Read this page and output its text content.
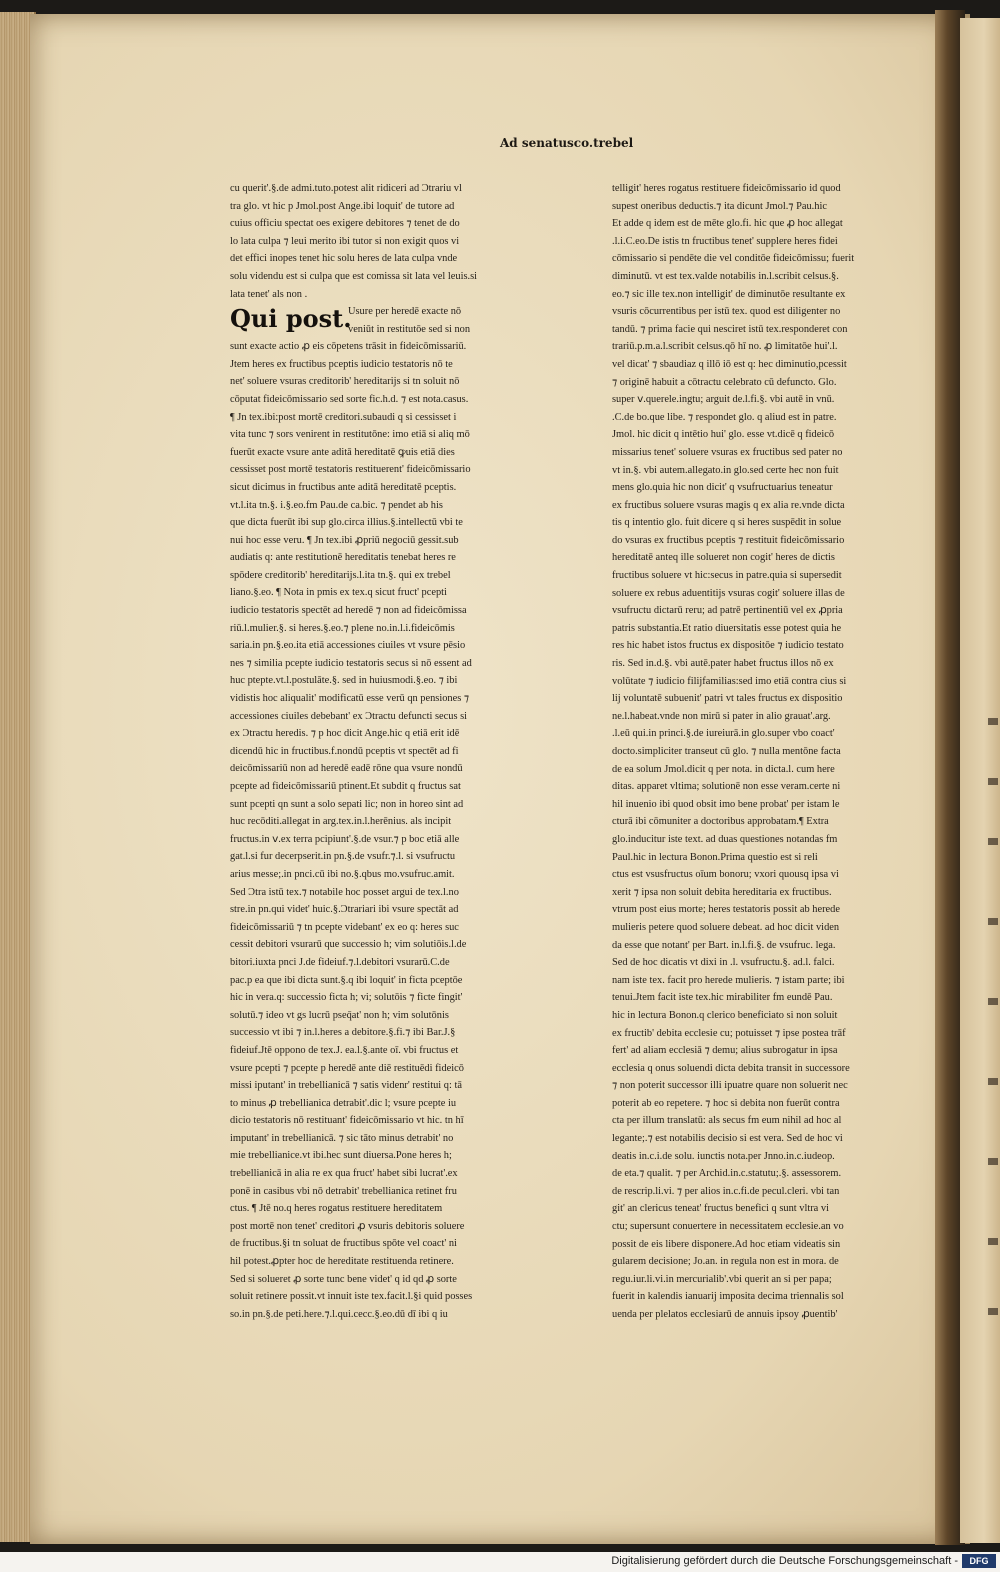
Ad senatusco.trebel
cu querit'.§.de admi.tuto.potest alit ridiceri ad Ɔtrariu vl
tra glo. vt hic p Jmol.post Ange.ibi loquit' de tutore ad
cuius officiu spectat oes exigere debitores ⁊ tenet de do
lo lata culpa ⁊ leui merito ibi tutor si non exigit quos vi
det effici inopes tenet hic solu heres de lata culpa vnde
solu videndu est si culpa que est comissa sit lata vel leuis.si
lata tenet' als non .
Qui post.
Usure per heredē exacte nō
veniūt in restitutōe sed si non
sunt exacte actio ꝓ eis cōpetens trāsit in fideicōmissariū.
Jtem heres ex fructibus pceptis iudicio testatoris nō te
net' soluere vsuras creditorib' hereditarijs si tn soluit nō
cōputat fideicōmissario sed sorte fic.h.d. ⁊ est nota.casus.
¶ Jn tex.ibi:post mortē creditori.subaudi q si cessisset i
vita tunc ⁊ sors venirent in restitutōne: imo etiā si aliq mō
fuerūt exacte vsure ante aditā hereditatē ꝙuis etiā dies
cessisset post mortē testatoris restituerent' fideicōmissario
sicut dicimus in fructibus ante aditā hereditatē pceptis.
vt.l.ita tn.§. i.§.eo.fm Pau.de ca.bic. ⁊ pendet ab his
que dicta fuerūt ibi sup glo.circa illius.§.intellectū vbi te
nui hoc esse veru. ¶ Jn tex.ibi ꝓpriū negociū gessit.sub
audiatis q: ante restitutionē hereditatis tenebat heres re
spōdere creditorib' hereditarijs.l.ita tn.§. qui ex trebel
liano.§.eo. ¶ Nota in pmis ex tex.q sicut fruct' pcepti
iudicio testatoris spectēt ad heredē ⁊ non ad fideicōmissa
riū.l.mulier.§. si heres.§.eo.⁊ plene no.in.l.i.fideicōmis
saria.in pn.§.eo.ita etiā accessiones ciuiles vt vsure pēsio
nes ⁊ similia pcepte iudicio testatoris secus si nō essent ad
huc ptepte.vt.l.postulāte.§. sed in huiusmodi.§.eo. ⁊ ibi
vidistis hoc aliqualit' modificatū esse verū qn pensiones ⁊
accessiones ciuiles debebant' ex Ɔtractu defuncti secus si
ex Ɔtractu heredis. ⁊ p hoc dicit Ange.hic q etiā erit idē
dicendū hic in fructibus.f.nondū pceptis vt spectēt ad fi
deicōmissariū non ad heredē eadē rōne qua vsure nondū
pcepte ad fideicōmissariū ptinent.Et subdit q fructus sat
sunt pcepti qn sunt a solo sepati lic; non in horeo sint ad
huc recōditi.allegat in arg.tex.in.l.herēnius. als incipit
fructus.in ⅴ.ex terra pcipiunt'.§.de vsur.⁊ p boc etiā alle
gat.l.si fur decerpserit.in pn.§.de vsufr.⁊.l. si vsufructu
arius messe;.in pnci.cū ibi no.§.qbus mo.vsufruc.amit.
Sed Ɔtra istū tex.⁊ notabile hoc posset argui de tex.l.no
stre.in pn.qui videt' huic.§.Ɔtrariari ibi vsure spectāt ad
fideicōmissariū ⁊ tn pcepte videbant' ex eo q: heres suc
cessit debitori vsurarū que successio h; vim solutiōis.l.de
bitori.iuxta pnci J.de fideiuf.⁊.l.debitori vsurarū.C.de
pac.p ea que ibi dicta sunt.§.q ibi loquit' in ficta pceptōe
hic in vera.q: successio ficta h; vi; solutōis ⁊ ficte fingit'
solutū.⁊ ideo vt gs lucrū pseq̄at' non h; vim solutōnis
successio vt ibi ⁊ in.l.heres a debitore.§.fi.⁊ ibi Bar.J.§
fideiuf.Jtē oppono de tex.J. ea.l.§.ante oī. vbi fructus et
vsure pcepti ⁊ pcepte p heredē ante diē restituēdi fideicō
missi iputant' in trebellianicā ⁊ satis videnr' restitui q: tā
to minus ꝓ trebellianica detrabit'.dic l; vsure pcepte iu
dicio testatoris nō restituant' fideicōmissario vt hic. tn hī
imputant' in trebellianicā. ⁊ sic tāto minus detrabit' no
mie trebellianice.vt ibi.hec sunt diuersa.Pone heres h;
trebellianicā in alia re ex qua fruct' habet sibi lucrat'.ex
ponē in casibus vbi nō detrabit' trebellianica retinet fru
ctus. ¶ Jtē no.q heres rogatus restituere hereditatem
post mortē non tenet' creditori ꝓ vsuris debitoris soluere
de fructibus.§i tn soluat de fructibus spōte vel coact' ni
hil potest.ꝓpter hoc de hereditate restituenda retinere.
Sed si solueret ꝓ sorte tunc bene videt' q id qd ꝓ sorte
soluit retinere possit.vt innuit iste tex.facit.l.§i quid posses
so.in pn.§.de peti.here.⁊.l.qui.cecc.§.eo.dū dī ibi q iu
telligit' heres rogatus restituere fideicōmissario id quod
supest oneribus deductis.⁊ ita dicunt Jmol.⁊ Pau.hic
Et adde q idem est de mēte glo.fi. hic que ꝓ hoc allegat
.l.i.C.eo.De istis tn fructibus tenet' supplere heres fidei
cōmissario si pendēte die vel conditōe fideicōmissu; fuerit
diminutū. vt est tex.valde notabilis in.l.scribit celsus.§.
eo.⁊ sic ille tex.non intelligit' de diminutōe resultante ex
vsuris cōcurrentibus per istū tex. quod est diligenter no
tandū. ⁊ prima facie qui nesciret istū tex.responderet con
trariū.p.m.a.l.scribit celsus.qō hī no. ꝓ limitatōe hui'.l.
vel dicat' ⁊ sbaudiaz q illō iō est q: hec diminutio,pcessit
⁊ originē habuit a cōtractu celebrato cū defuncto. Glo.
super ⅴ.querele.ingtu; arguit de.l.fi.§. vbi autē in vnū.
.C.de bo.que libe. ⁊ respondet glo. q aliud est in patre.
Jmol. hic dicit q intētio hui' glo. esse vt.dicē q fideicō
missarius tenet' soluere vsuras ex fructibus sed pater no
vt in.§. vbi autem.allegato.in glo.sed certe hec non fuit
mens glo.quia hic non dicit' q vsufructuarius teneatur
ex fructibus soluere vsuras magis q ex alia re.vnde dicta
tis q intentio glo. fuit dicere q si heres suspēdit in solue
do vsuras ex fructibus pceptis ⁊ restituit fideicōmissario
hereditatē anteq ille solueret non cogit' heres de dictis
fructibus soluere vt hic:secus in patre.quia si supersedit
soluere ex rebus aduentitijs vsuras cogit' soluere illas de
vsufructu dictarū reru; ad patrē pertinentiū vel ex ꝓpria
patris substantia.Et ratio diuersitatis esse potest quia he
res hic habet istos fructus ex dispositōe ⁊ iudicio testato
ris. Sed in.d.§. vbi autē.pater habet fructus illos nō ex
volūtate ⁊ iudicio filijfamilias:sed imo etiā contra cius si
lij voluntatē subuenit' patri vt tales fructus ex dispositio
ne.l.habeat.vnde non mirū si pater in alio grauat'.arg.
.l.eū qui.in princi.§.de iureiurā.in glo.super vbo coact'
docto.simpliciter transeut cū glo. ⁊ nulla mentōne facta
de ea solum Jmol.dicit q per nota. in dicta.l. cum here
ditas. apparet vltima; solutionē non esse veram.certe ni
hil inuenio ibi quod obsit imo bene probat' per istam le
cturā ibi cōmuniter a doctoribus approbatam.¶ Extra
glo.inducitur iste text. ad duas questiones notandas fm
Paul.hic in lectura Bonon.Prima questio est si reli
ctus est vsusfructus oīum bonoru; vxori quousq ipsa vi
xerit ⁊ ipsa non soluit debita hereditaria ex fructibus.
vtrum post eius morte; heres testatoris possit ab herede
mulieris petere quod soluere debeat. ad hoc dicit viden
da esse que notant' per Bart. in.l.fi.§. de vsufruc. lega.
Sed de hoc dicatis vt dixi in .l. vsufructu.§. ad.l. falci.
nam iste tex. facit pro herede mulieris. ⁊ istam parte; ibi
tenui.Jtem facit iste tex.hic mirabiliter fm eundē Pau.
hic in lectura Bonon.q clerico beneficiato si non soluit
ex fructib' debita ecclesie cu; potuisset ⁊ ipse postea trāf
fert' ad aliam ecclesiā ⁊ demu; alius subrogatur in ipsa
ecclesia q onus soluendi dicta debita transit in successore
⁊ non poterit successor illi ipuatre quare non soluerit nec
poterit ab eo repetere. ⁊ hoc si debita non fuerūt contra
cta per illum translatū: als secus fm eum nihil ad hoc al
legante;.⁊ est notabilis decisio si est vera. Sed de hoc vi
deatis in.c.i.de solu. iunctis nota.per Jnno.in.c.iudeop.
de eta.⁊ qualit. ⁊ per Archid.in.c.statutu;.§. assessorem.
de rescrip.li.vi. ⁊ per alios in.c.fi.de pecul.cleri. vbi tan
git' an clericus teneat' fructus benefici q sunt vltra vi
ctu; supersunt conuertere in necessitatem ecclesie.an vo
possit de eis libere disponere.Ad hoc etiam videatis sin
gularem decisione; Jo.an. in regula non est in mora. de
regu.iur.li.vi.in mercurialib'.vbi querit an si per papa;
fuerit in kalendis ianuarij imposita decima triennalis sol
uenda per plelatos ecclesiarū de annuis ipsoy ꝓuentib'
Digitalisierung gefördert durch die Deutsche Forschungsgemeinschaft -	DFG
